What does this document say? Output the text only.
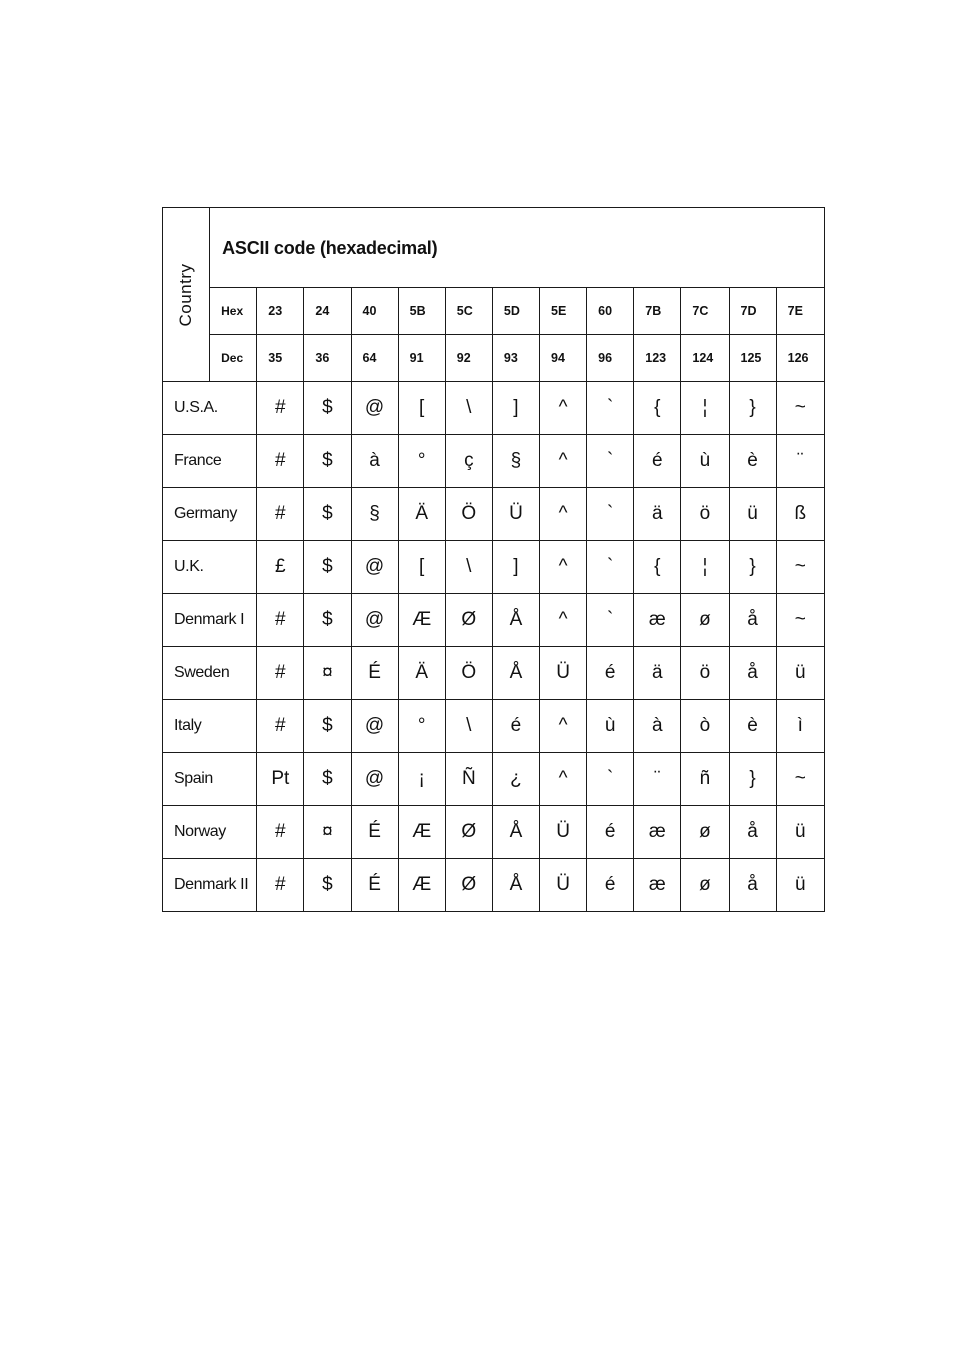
Country	ASCII code (hexadecimal)												
	Hex	23	24	40	5B	5C	5D	5E	60	7B	7C	7D	7E
	Dec	35	36	64	91	92	93	94	96	123	124	125	126
U.S.A.		#	$	@	[	\	]	^	`	{	¦	}	~
France		#	$	à	°	ç	§	^	`	é	ù	è	¨
Germany		#	$	§	Ä	Ö	Ü	^	`	ä	ö	ü	ß
U.K.		£	$	@	[	\	]	^	`	{	¦	}	~
Denmark I		#	$	@	Æ	Ø	Å	^	`	æ	ø	å	~
Sweden		#	¤	É	Ä	Ö	Å	Ü	é	ä	ö	å	ü
Italy		#	$	@	°	\	é	^	ù	à	ò	è	ì
Spain		Pt	$	@	¡	Ñ	¿	^	`	¨	ñ	}	~
Norway		#	¤	É	Æ	Ø	Å	Ü	é	æ	ø	å	ü
Denmark II		#	$	É	Æ	Ø	Å	Ü	é	æ	ø	å	ü
